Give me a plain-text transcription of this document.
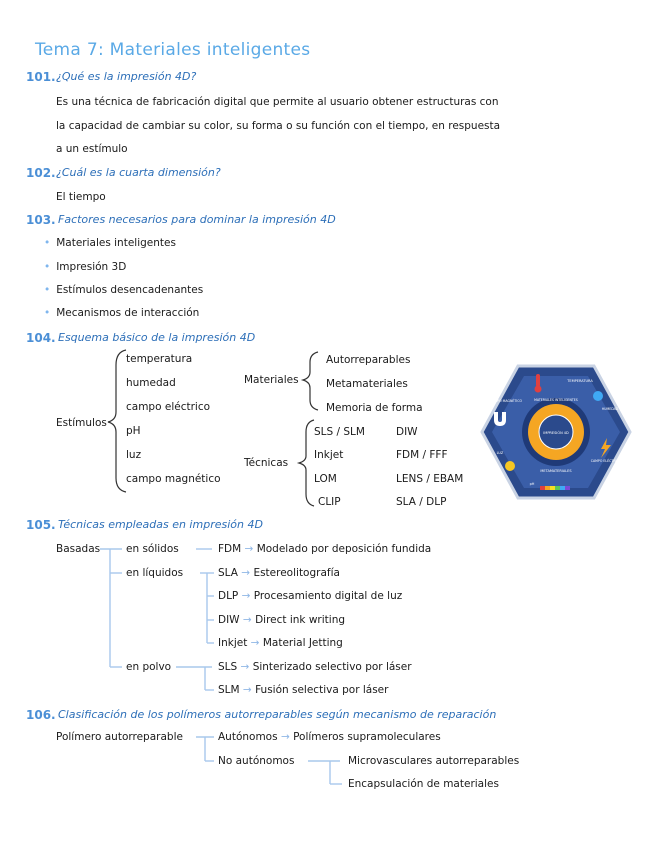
Tema 7: Materiales inteligentes
101. ¿Qué es la impresión 4D?
Es una técnica de fabricación digital que permite al usuario obtener estructuras con
la capacidad de cambiar su color, su forma o su función con el tiempo, en respuesta
a un estímulo
102. ¿Cuál es la cuarta dimensión?
El tiempo
103. Factores necesarios para dominar la impresión 4D
• Materiales inteligentes
• Impresión 3D
• Estímulos desencadenantes
• Mecanismos de interacción
104. Esquema básico de la impresión 4D
Estímulos
temperatura
humedad
campo eléctrico
pH
luz
campo magnético
Materiales
Autorreparables
Metamateriales
Memoria de forma
Técnicas
SLS / SLM	DIW
Inkjet	FDM / FFF
LOM	LENS / EBAM
CLIP	SLA / DLP
IMPRESIÓN 4D
MATERIALES INTELIGENTES
METAMATERIALES
TEMPERATURA
HUMEDAD
CAMPO ELÉCTRICO
pH
LUZ
CAMPO MAGNÉTICO
105. Técnicas empleadas en impresión 4D
Basadas en sólidos
en líquidos
en polvo
FDM → Modelado por deposición fundida
SLA → Estereolitografía
DLP → Procesamiento digital de luz
DIW → Direct ink writing
Inkjet → Material Jetting
SLS → Sinterizado selectivo por láser
SLM → Fusión selectiva por láser
106. Clasificación de los polímeros autorreparables según mecanismo de reparación
Polímero autorreparable	Autónomos → Polímeros supramoleculares
No autónomos	Microvasculares autorreparables
Encapsulación de materiales
